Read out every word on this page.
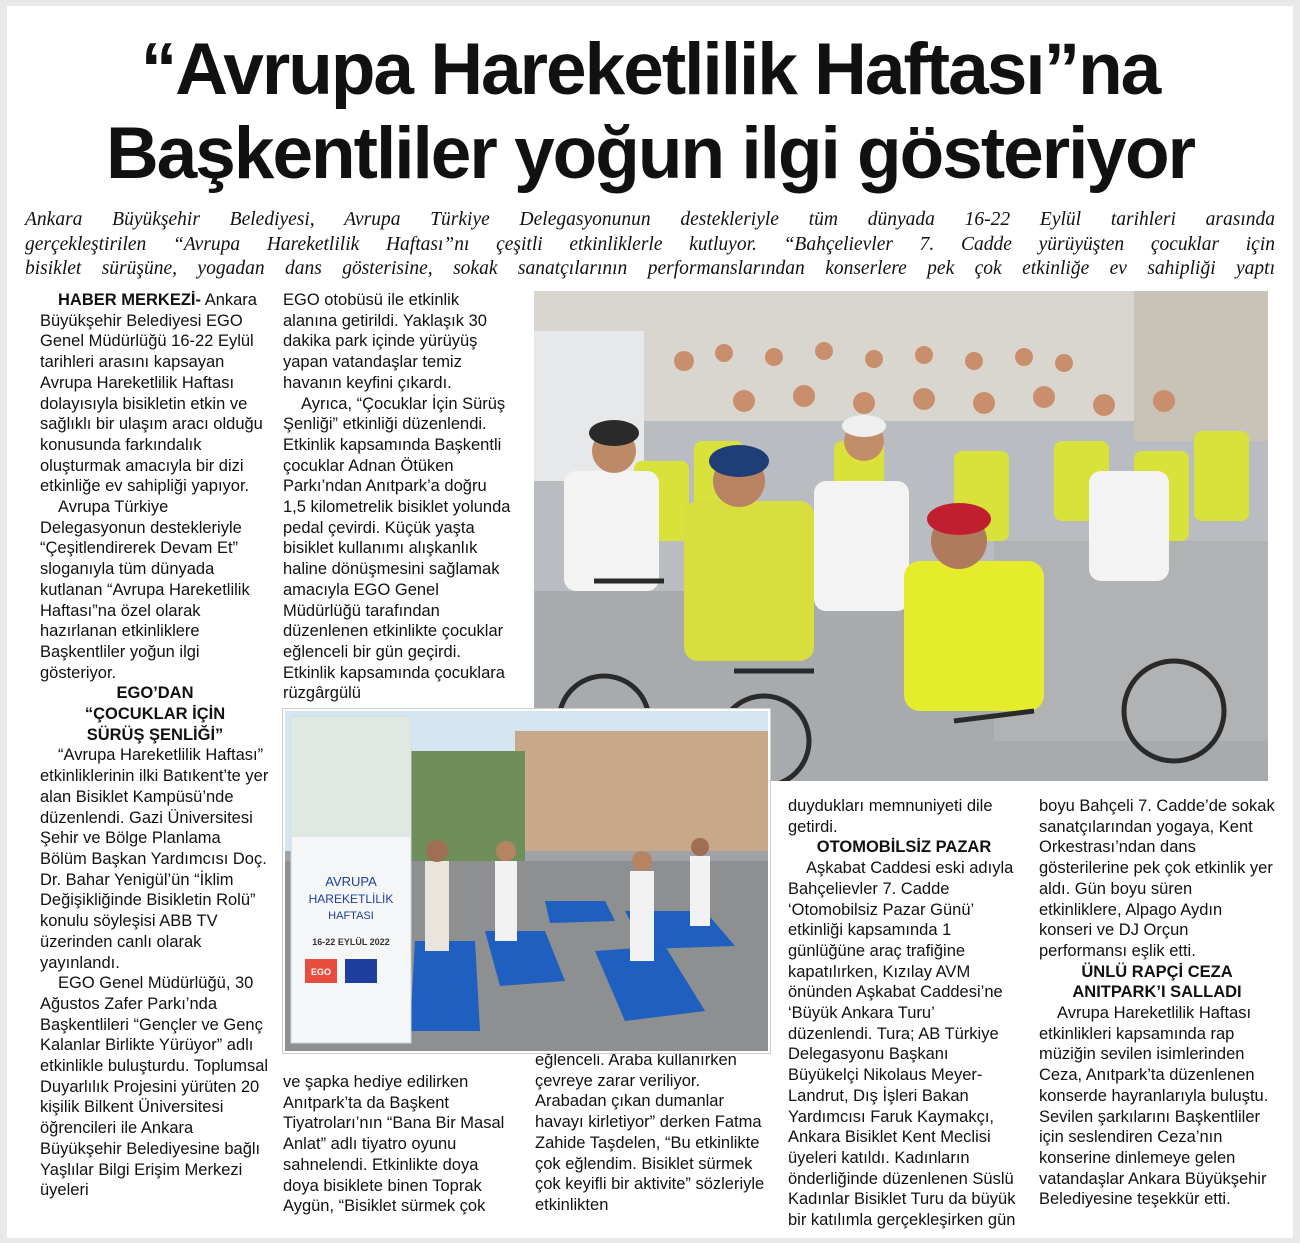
“Avrupa Hareketlilik Haftası”na
Başkentliler yoğun ilgi gösteriyor
Ankara Büyükşehir Belediyesi, Avrupa Türkiye Delegasyonunun destekleriyle tüm dünyada 16-22 Eylül tarihleri arasında
gerçekleştirilen “Avrupa Hareketlilik Haftası”nı çeşitli etkinliklerle kutluyor. “Bahçelievler 7. Cadde yürüyüşten çocuklar için
bisiklet sürüşüne, yogadan dans gösterisine, sokak sanatçılarının performanslarından konserlere pek çok etkinliğe ev sahipliği yaptı

HABER MERKEZİ- Ankara Büyükşehir Belediyesi EGO Genel Müdürlüğü 16-22 Eylül tarihleri arasını kapsayan Avrupa Hareketlilik Haftası dolayısıyla bisikletin etkin ve sağlıklı bir ulaşım aracı olduğu konusunda farkındalık oluşturmak amacıyla bir dizi etkinliğe ev sahipliği yapıyor.

Avrupa Türkiye Delegasyonun destekleriyle “Çeşitlendirerek Devam Et” sloganıyla tüm dünyada kutlanan “Avrupa Hareketlilik Haftası”na özel olarak hazırlanan etkinliklere Başkentliler yoğun ilgi gösteriyor.

EGO’DAN
“ÇOCUKLAR İÇİN
SÜRÜŞ ŞENLİĞİ”

“Avrupa Hareketlilik Haftası” etkinliklerinin ilki Batıkent’te yer alan Bisiklet Kampüsü’nde düzenlendi. Gazi Üniversitesi Şehir ve Bölge Planlama Bölüm Başkan Yardımcısı Doç. Dr. Bahar Yenigül’ün “İklim Değişikliğinde Bisikletin Rolü” konulu söyleşisi ABB TV üzerinden canlı olarak yayınlandı.

EGO Genel Müdürlüğü, 30 Ağustos Zafer Parkı’nda Başkentlileri “Gençler ve Genç Kalanlar Birlikte Yürüyor” adlı etkinlikle buluşturdu. Toplumsal Duyarlılık Projesini yürüten 20 kişilik Bilkent Üniversitesi öğrencileri ile Ankara Büyükşehir Belediyesine bağlı Yaşlılar Bilgi Erişim Merkezi üyeleri

EGO otobüsü ile etkinlik alanına getirildi. Yaklaşık 30 dakika park içinde yürüyüş yapan vatandaşlar temiz havanın keyfini çıkardı.

Ayrıca, “Çocuklar İçin Sürüş Şenliği” etkinliği düzenlendi. Etkinlik kapsamında Başkentli çocuklar Adnan Ötüken Parkı’ndan Anıtpark’a doğru 1,5 kilometrelik bisiklet yolunda pedal çevirdi. Küçük yaşta bisiklet kullanımı alışkanlık haline dönüşmesini sağlamak amacıyla EGO Genel Müdürlüğü tarafından düzenlenen etkinlikte çocuklar eğlenceli bir gün geçirdi. Etkinlik kapsamında çocuklara rüzgârgülü

ve şapka hediye edilirken Anıtpark’ta da Başkent Tiyatroları’nın “Bana Bir Masal Anlat” adlı tiyatro oyunu sahnelendi. Etkinlikte doya doya bisiklete binen Toprak Aygün, “Bisiklet sürmek çok

eğlenceli. Araba kullanırken çevreye zarar veriliyor. Arabadan çıkan dumanlar havayı kirletiyor” derken Fatma Zahide Taşdelen, “Bu etkinlikte çok eğlendim. Bisiklet sürmek çok keyifli bir aktivite” sözleriyle etkinlikten

duydukları memnuniyeti dile getirdi.

OTOMOBİLSİZ PAZAR

Aşkabat Caddesi eski adıyla Bahçelievler 7. Cadde ‘Otomobilsiz Pazar Günü’ etkinliği kapsamında 1 günlüğüne araç trafiğine kapatılırken, Kızılay AVM önünden Aşkabat Caddesi’ne ‘Büyük Ankara Turu’ düzenlendi. Tura; AB Türkiye Delegasyonu Başkanı Büyükelçi Nikolaus Meyer-Landrut, Dış İşleri Bakan Yardımcısı Faruk Kaymakçı, Ankara Bisiklet Kent Meclisi üyeleri katıldı. Kadınların önderliğinde düzenlenen Süslü Kadınlar Bisiklet Turu da büyük bir katılımla gerçekleşirken gün

boyu Bahçeli 7. Cadde’de sokak sanatçılarından yogaya, Kent Orkestrası’ndan dans gösterilerine pek çok etkinlik yer aldı. Gün boyu süren etkinliklere, Alpago Aydın konseri ve DJ Orçun performansı eşlik etti.

ÜNLÜ RAPÇİ CEZA
ANITPARK’I SALLADI

Avrupa Hareketlilik Haftası etkinlikleri kapsamında rap müziğin sevilen isimlerinden Ceza, Anıtpark’ta düzenlenen konserde hayranlarıyla buluştu. Sevilen şarkılarını Başkentliler için seslendiren Ceza’nın konserine dinlemeye gelen vatandaşlar Ankara Büyükşehir Belediyesine teşekkür etti.

AVRUPA
HAREKETLİLİK
HAFTASI
16-22 EYLÜL 2022
EGO
